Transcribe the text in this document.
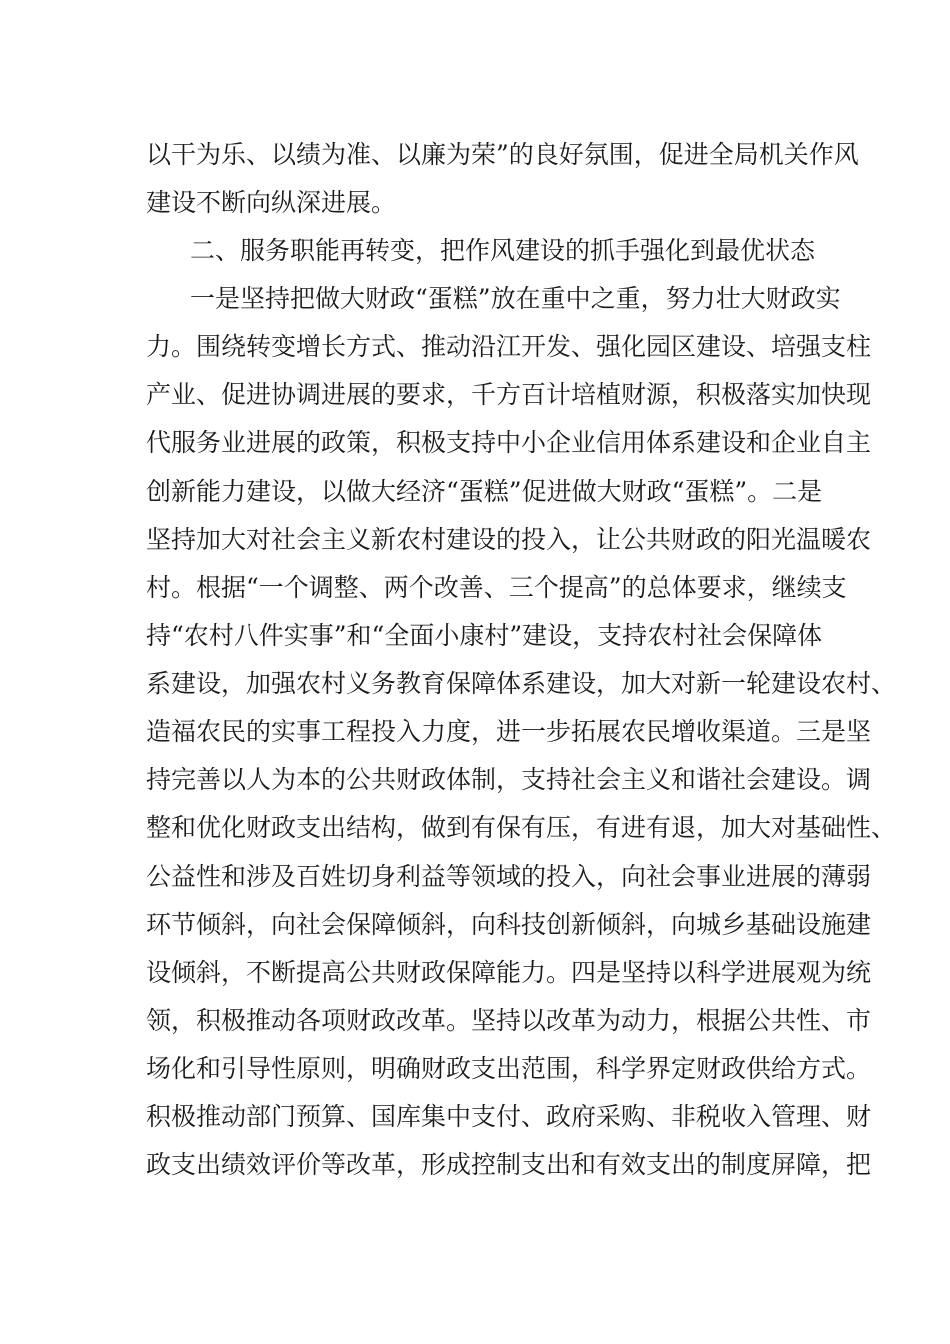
以干为乐、以绩为准、以廉为荣”的良好氛围，促进全局机关作风
建设不断向纵深进展。
二、服务职能再转变，把作风建设的抓手强化到最优状态
一是坚持把做大财政“蛋糕”放在重中之重，努力壮大财政实
力。围绕转变增长方式、推动沿江开发、强化园区建设、培强支柱
产业、促进协调进展的要求，千方百计培植财源，积极落实加快现
代服务业进展的政策，积极支持中小企业信用体系建设和企业自主
创新能力建设，以做大经济“蛋糕”促进做大财政“蛋糕”。二是
坚持加大对社会主义新农村建设的投入，让公共财政的阳光温暖农
村。根据“一个调整、两个改善、三个提高”的总体要求，继续支
持“农村八件实事”和“全面小康村”建设，支持农村社会保障体
系建设，加强农村义务教育保障体系建设，加大对新一轮建设农村、
造福农民的实事工程投入力度，进一步拓展农民增收渠道。三是坚
持完善以人为本的公共财政体制，支持社会主义和谐社会建设。调
整和优化财政支出结构，做到有保有压，有进有退，加大对基础性、
公益性和涉及百姓切身利益等领域的投入，向社会事业进展的薄弱
环节倾斜，向社会保障倾斜，向科技创新倾斜，向城乡基础设施建
设倾斜，不断提高公共财政保障能力。四是坚持以科学进展观为统
领，积极推动各项财政改革。坚持以改革为动力，根据公共性、市
场化和引导性原则，明确财政支出范围，科学界定财政供给方式。
积极推动部门预算、国库集中支付、政府采购、非税收入管理、财
政支出绩效评价等改革，形成控制支出和有效支出的制度屏障，把
